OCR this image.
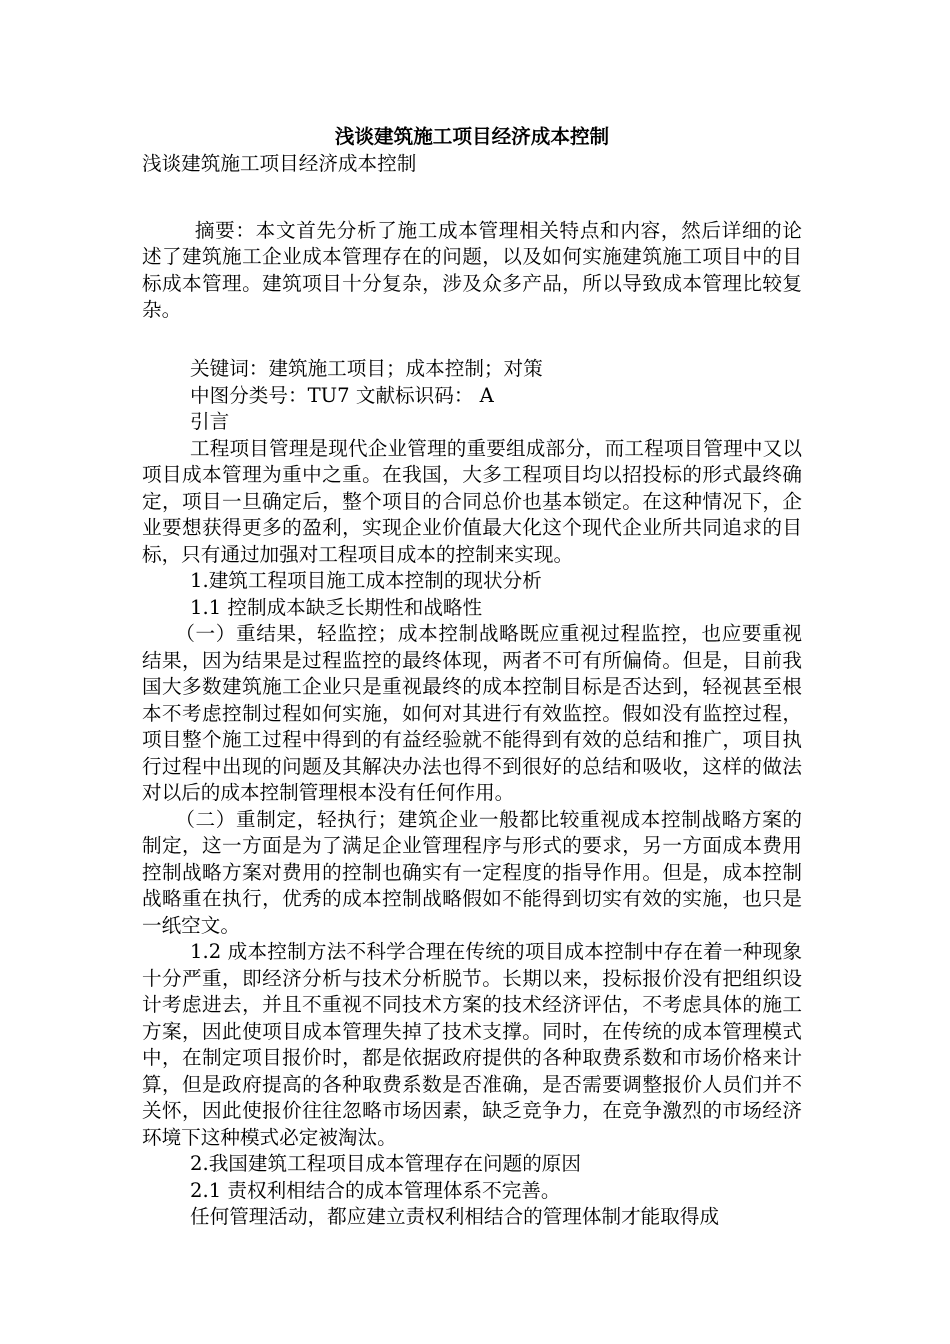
浅谈建筑施工项目经济成本控制
浅谈建筑施工项目经济成本控制

摘要：本文首先分析了施工成本管理相关特点和内容，然后详细的论述了建筑施工企业成本管理存在的问题，以及如何实施建筑施工项目中的目标成本管理。建筑项目十分复杂，涉及众多产品，所以导致成本管理比较复杂。

关键词：建筑施工项目；成本控制；对策
中图分类号：TU7 文献标识码： A
引言

工程项目管理是现代企业管理的重要组成部分，而工程项目管理中又以项目成本管理为重中之重。在我国，大多工程项目均以招投标的形式最终确定，项目一旦确定后，整个项目的合同总价也基本锁定。在这种情况下，企业要想获得更多的盈利，实现企业价值最大化这个现代企业所共同追求的目标，只有通过加强对工程项目成本的控制来实现。

1.建筑工程项目施工成本控制的现状分析
1.1 控制成本缺乏长期性和战略性

（一）重结果，轻监控；成本控制战略既应重视过程监控，也应要重视结果，因为结果是过程监控的最终体现，两者不可有所偏倚。但是，目前我国大多数建筑施工企业只是重视最终的成本控制目标是否达到，轻视甚至根本不考虑控制过程如何实施，如何对其进行有效监控。假如没有监控过程，项目整个施工过程中得到的有益经验就不能得到有效的总结和推广，项目执行过程中出现的问题及其解决办法也得不到很好的总结和吸收，这样的做法对以后的成本控制管理根本没有任何作用。

（二）重制定，轻执行；建筑企业一般都比较重视成本控制战略方案的制定，这一方面是为了满足企业管理程序与形式的要求，另一方面成本费用控制战略方案对费用的控制也确实有一定程度的指导作用。但是，成本控制战略重在执行，优秀的成本控制战略假如不能得到切实有效的实施，也只是一纸空文。

1.2 成本控制方法不科学合理在传统的项目成本控制中存在着一种现象十分严重，即经济分析与技术分析脱节。长期以来，投标报价没有把组织设计考虑进去，并且不重视不同技术方案的技术经济评估，不考虑具体的施工方案，因此使项目成本管理失掉了技术支撑。同时，在传统的成本管理模式中，在制定项目报价时，都是依据政府提供的各种取费系数和市场价格来计算，但是政府提高的各种取费系数是否准确，是否需要调整报价人员们并不关怀，因此使报价往往忽略市场因素，缺乏竞争力，在竞争激烈的市场经济环境下这种模式必定被淘汰。

2.我国建筑工程项目成本管理存在问题的原因
2.1 责权利相结合的成本管理体系不完善。
任何管理活动，都应建立责权利相结合的管理体制才能取得成
